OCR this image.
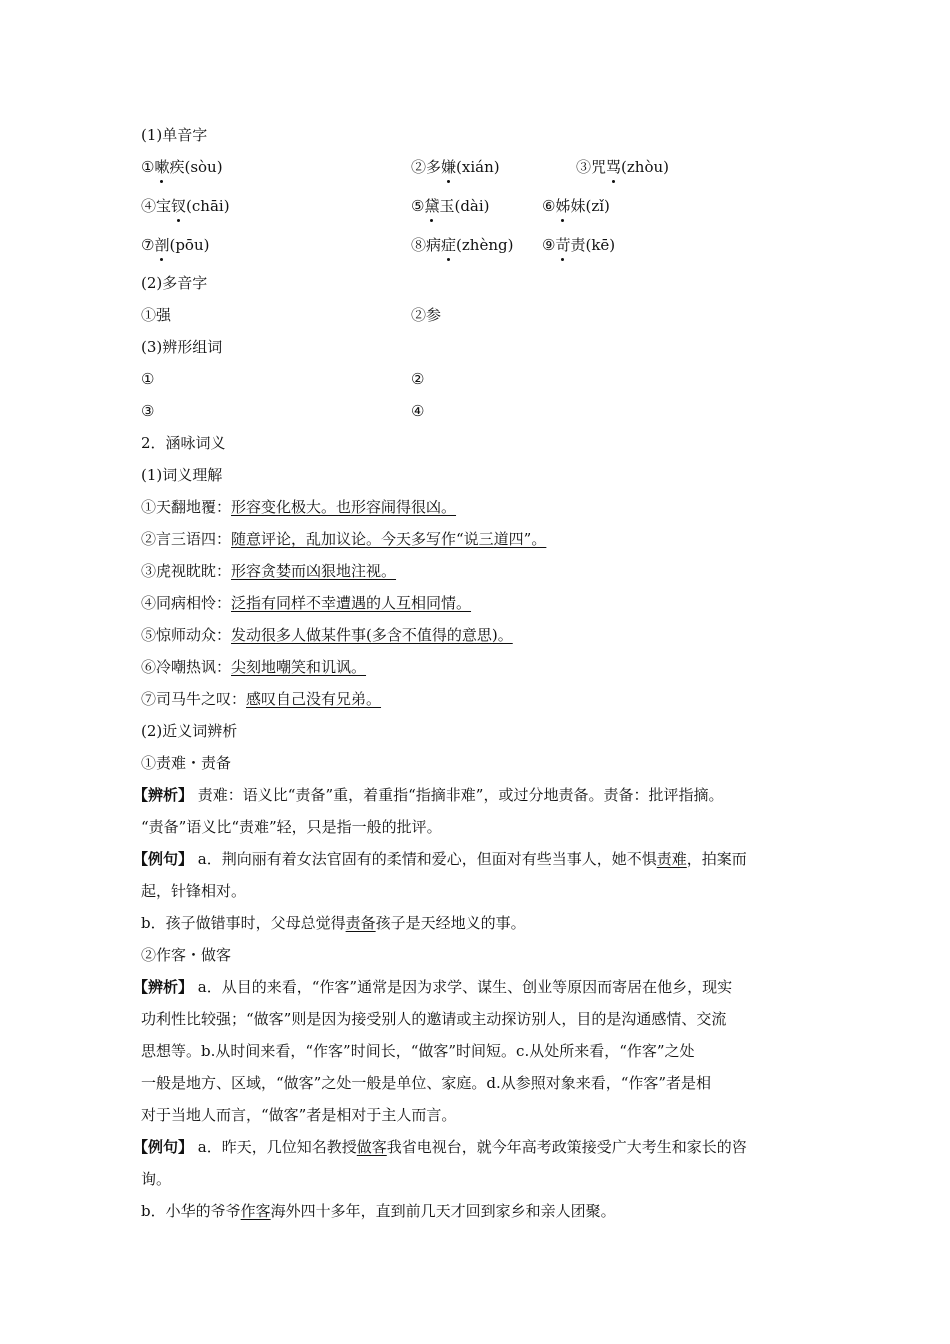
(1)单音字
①嗽疾(sòu)	②多嫌(xián)	③咒骂(zhòu)
④宝钗(chāi)	⑤黛玉(dài)	⑥姊妹(zǐ)
⑦剖(pōu)	⑧病症(zhèng) ⑨苛责(kē)
(2)多音字
①强	②参
(3)辨形组词
①	②
③	④
2．涵咏词义
(1)词义理解
①天翻地覆：形容变化极大。也形容闹得很凶。
②言三语四：随意评论，乱加议论。今天多写作“说三道四”。
③虎视眈眈：形容贪婪而凶狠地注视。
④同病相怜：泛指有同样不幸遭遇的人互相同情。
⑤惊师动众：发动很多人做某件事(多含不值得的意思)。
⑥冷嘲热讽：尖刻地嘲笑和讥讽。
⑦司马牛之叹：感叹自己没有兄弟。
(2)近义词辨析
①责难・责备
【辨析】 责难：语义比“责备”重，着重指“指摘非难”，或过分地责备。责备：批评指摘。
“责备”语义比“责难”轻，只是指一般的批评。
【例句】 a．荆向丽有着女法官固有的柔情和爱心，但面对有些当事人，她不惧责难，拍案而
起，针锋相对。
b．孩子做错事时，父母总觉得责备孩子是天经地义的事。
②作客・做客
【辨析】 a．从目的来看，“作客”通常是因为求学、谋生、创业等原因而寄居在他乡，现实
功利性比较强；“做客”则是因为接受别人的邀请或主动探访别人，目的是沟通感情、交流
思想等。b.从时间来看，“作客”时间长，“做客”时间短。c.从处所来看，“作客”之处
一般是地方、区域，“做客”之处一般是单位、家庭。d.从参照对象来看，“作客”者是相
对于当地人而言，“做客”者是相对于主人而言。
【例句】 a．昨天，几位知名教授做客我省电视台，就今年高考政策接受广大考生和家长的咨
询。
b．小华的爷爷作客海外四十多年，直到前几天才回到家乡和亲人团聚。
